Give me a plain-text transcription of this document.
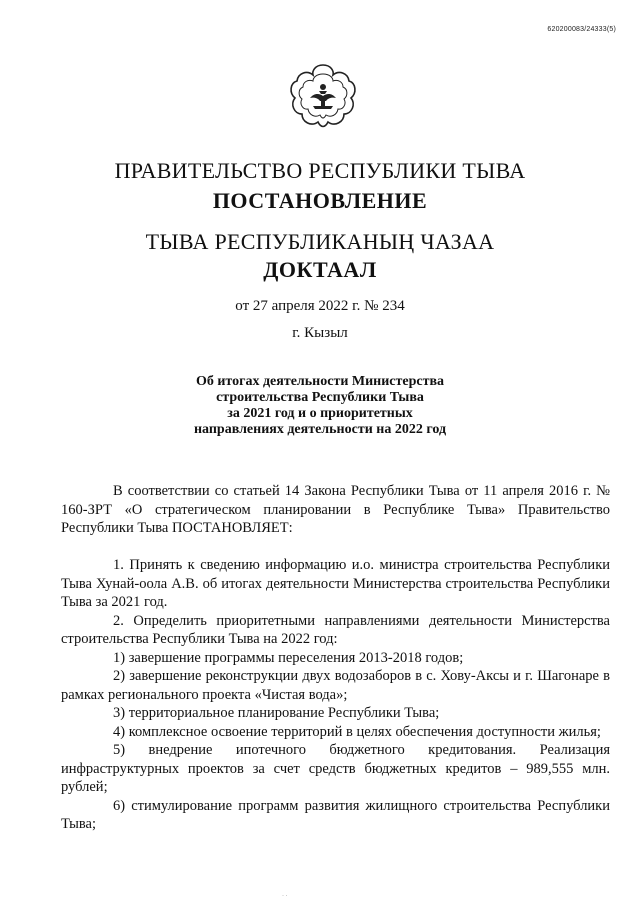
620200083/24333(5)
ПРАВИТЕЛЬСТВО РЕСПУБЛИКИ ТЫВА
ПОСТАНОВЛЕНИЕ
ТЫВА РЕСПУБЛИКАНЫҢ ЧАЗАА
ДОКТААЛ
от 27 апреля 2022 г. № 234
г. Кызыл
Об итогах деятельности Министерства
строительства Республики Тыва
за 2021 год и о приоритетных
направлениях деятельности на 2022 год

В соответствии со статьей 14 Закона Республики Тыва от 11 апреля 2016 г. № 160-ЗРТ «О стратегическом планировании в Республике Тыва» Правительство Республики Тыва ПОСТАНОВЛЯЕТ:

1. Принять к сведению информацию и.о. министра строительства Республики Тыва Хунай-оола А.В. об итогах деятельности Министерства строительства Республики Тыва за 2021 год.

2. Определить приоритетными направлениями деятельности Министерства строительства Республики Тыва на 2022 год:

1) завершение программы переселения 2013-2018 годов;

2) завершение реконструкции двух водозаборов в с. Хову-Аксы и г. Шагонаре в рамках регионального проекта «Чистая вода»;

3) территориальное планирование Республики Тыва;

4) комплексное освоение территорий в целях обеспечения доступности жилья;

5) внедрение ипотечного бюджетного кредитования. Реализация инфраструктурных проектов за счет средств бюджетных кредитов – 989,555 млн. рублей;

6) стимулирование программ развития жилищного строительства Республики Тыва;

· ·
